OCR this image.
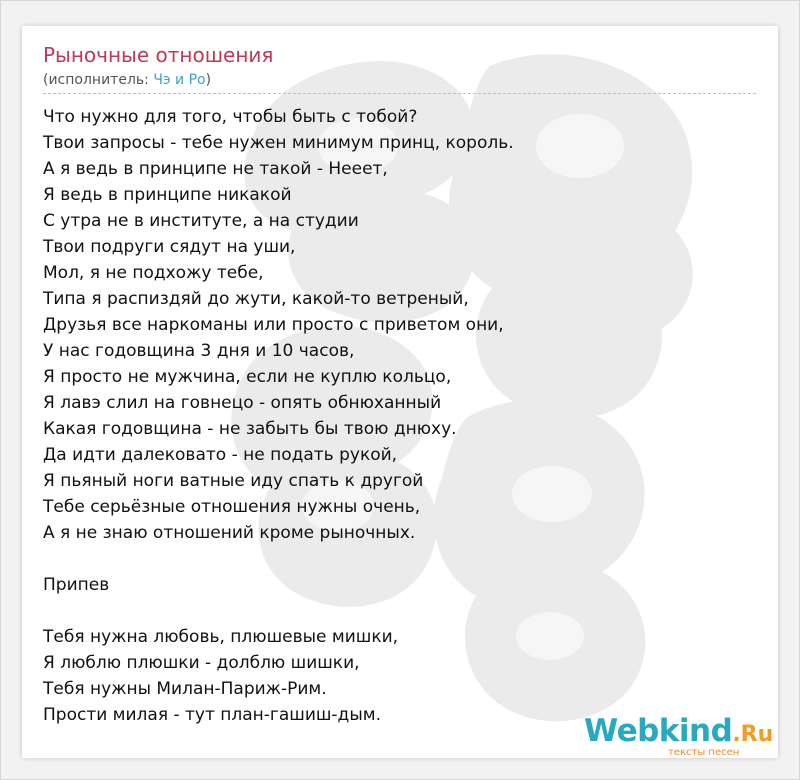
Рыночные отношения
(исполнитель: Чэ и Ро)
Что нужно для того, чтобы быть с тобой?
Твои запросы - тебе нужен минимум принц, король.
А я ведь в принципе не такой - Нееет,
Я ведь в принципе никакой
С утра не в институте, а на студии
Твои подруги сядут на уши,
Мол, я не подхожу тебе,
Типа я распиздяй до жути, какой-то ветреный,
Друзья все наркоманы или просто с приветом они,
У нас годовщина 3 дня и 10 часов,
Я просто не мужчина, если не куплю кольцо,
Я лавэ слил на говнецо - опять обнюханный
Какая годовщина - не забыть бы твою днюху.
Да идти далековато - не подать рукой,
Я пьяный ноги ватные иду спать к другой
Тебе серьёзные отношения нужны очень,
А я не знаю отношений кроме рыночных.
Припев
Тебя нужна любовь, плюшевые мишки,
Я люблю плюшки - долблю шишки,
Тебя нужны Милан-Париж-Рим.
Прости милая - тут план-гашиш-дым.	Webkind.Ru
тексты песен
